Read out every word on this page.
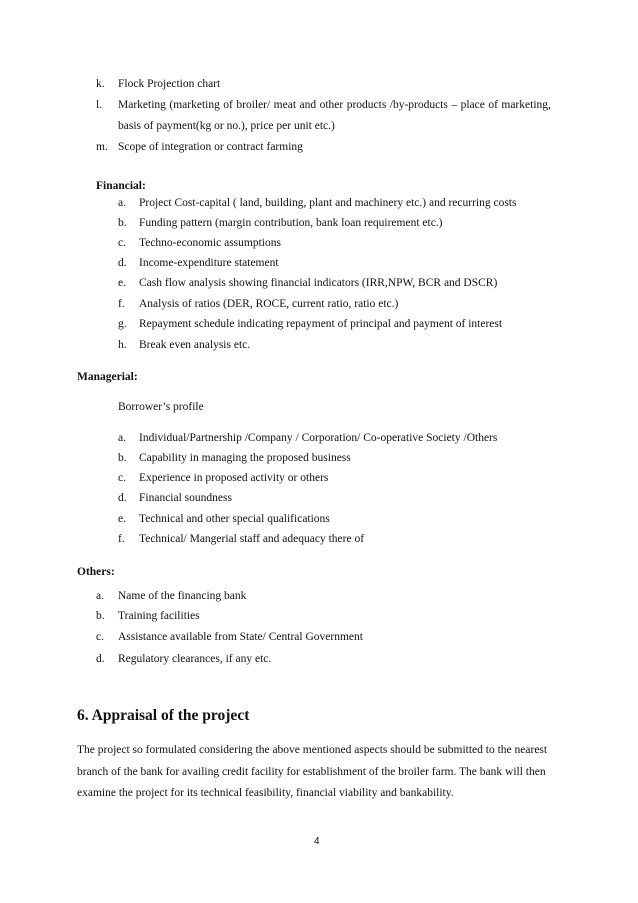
k. Flock Projection chart
l. Marketing (marketing of broiler/ meat and other products /by-products – place of marketing,
basis of payment(kg or no.), price per unit etc.)
m. Scope of integration or contract farming
Financial:
a. Project Cost-capital ( land, building, plant and machinery etc.) and recurring costs
b. Funding pattern (margin contribution, bank loan requirement etc.)
c. Techno-economic assumptions
d. Income-expenditure statement
e. Cash flow analysis showing financial indicators (IRR,NPW, BCR and DSCR)
f. Analysis of ratios (DER, ROCE, current ratio, ratio etc.)
g. Repayment schedule indicating repayment of principal and payment of interest
h. Break even analysis etc.
Managerial:
Borrower’s profile
a. Individual/Partnership /Company / Corporation/ Co-operative Society /Others
b. Capability in managing the proposed business
c. Experience in proposed activity or others
d. Financial soundness
e. Technical and other special qualifications
f. Technical/ Mangerial staff and adequacy there of
Others:
a. Name of the financing bank
b. Training facilities
c. Assistance available from State/ Central Government
d. Regulatory clearances, if any etc.
6. Appraisal of the project
The project so formulated considering the above mentioned aspects should be submitted to the nearest
branch of the bank for availing credit facility for establishment of the broiler farm. The bank will then
examine the project for its technical feasibility, financial viability and bankability.
4
